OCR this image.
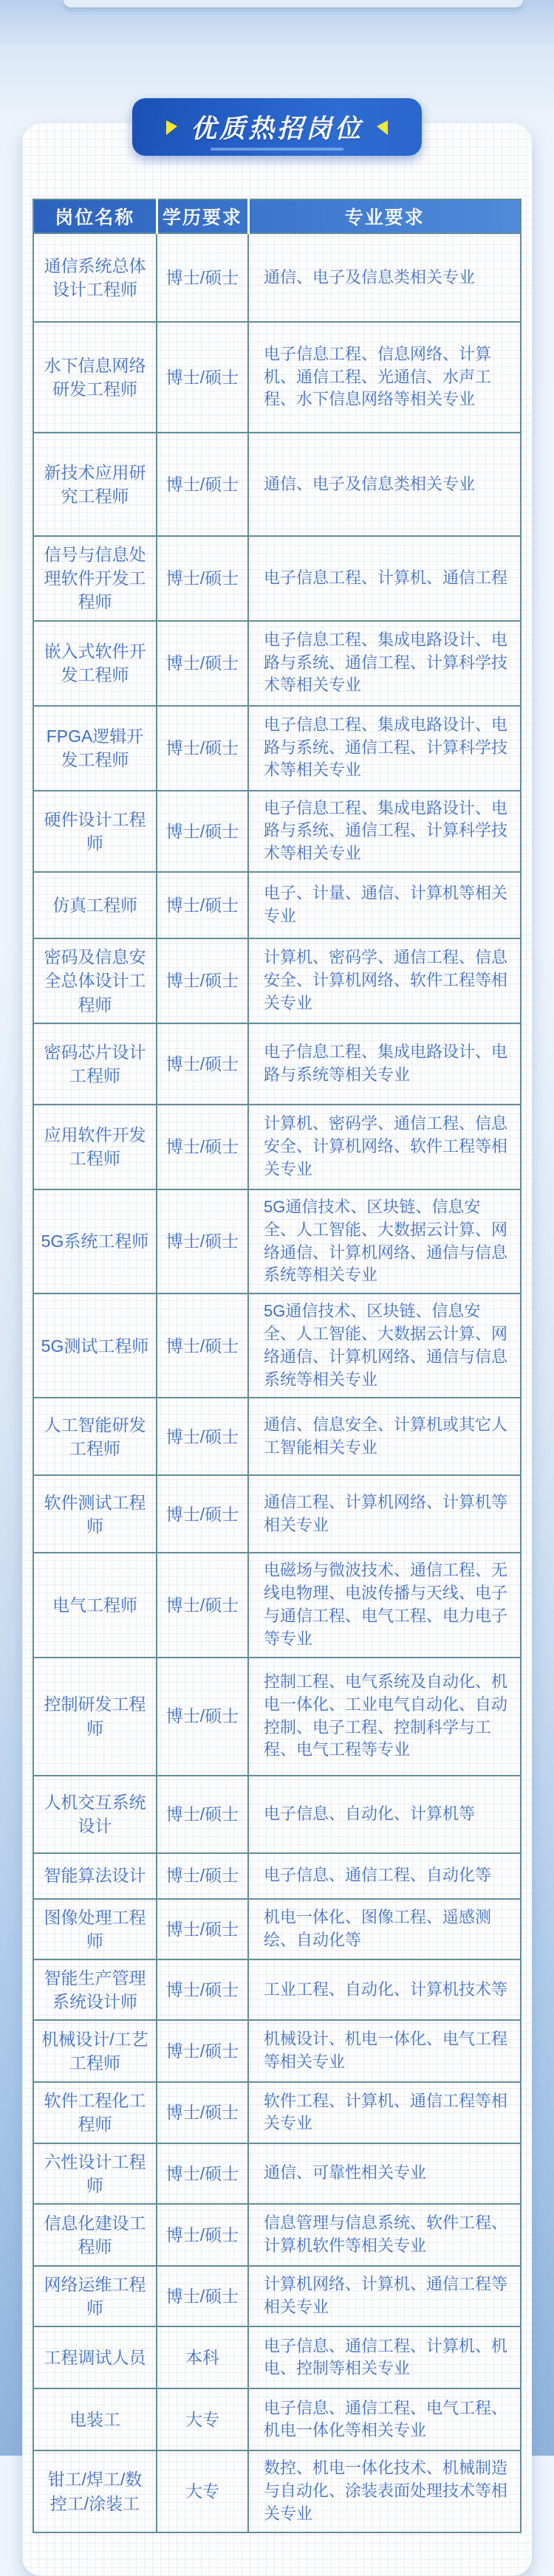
优质热招岗位
岗位名称	学历要求	专业要求
通信系统总体设计工程师	博士/硕士	通信、电子及信息类相关专业
水下信息网络研发工程师	博士/硕士	电子信息工程、信息网络、计算机、通信工程、光通信、水声工程、水下信息网络等相关专业
新技术应用研究工程师	博士/硕士	通信、电子及信息类相关专业
信号与信息处理软件开发工程师	博士/硕士	电子信息工程、计算机、通信工程
嵌入式软件开发工程师	博士/硕士	电子信息工程、集成电路设计、电路与系统、通信工程、计算科学技术等相关专业
FPGA逻辑开发工程师	博士/硕士	电子信息工程、集成电路设计、电路与系统、通信工程、计算科学技术等相关专业
硬件设计工程师	博士/硕士	电子信息工程、集成电路设计、电路与系统、通信工程、计算科学技术等相关专业
仿真工程师	博士/硕士	电子、计量、通信、计算机等相关专业
密码及信息安全总体设计工程师	博士/硕士	计算机、密码学、通信工程、信息安全、计算机网络、软件工程等相关专业
密码芯片设计工程师	博士/硕士	电子信息工程、集成电路设计、电路与系统等相关专业
应用软件开发工程师	博士/硕士	计算机、密码学、通信工程、信息安全、计算机网络、软件工程等相关专业
5G系统工程师	博士/硕士	5G通信技术、区块链、信息安全、人工智能、大数据云计算、网络通信、计算机网络、通信与信息系统等相关专业
5G测试工程师	博士/硕士	5G通信技术、区块链、信息安全、人工智能、大数据云计算、网络通信、计算机网络、通信与信息系统等相关专业
人工智能研发工程师	博士/硕士	通信、信息安全、计算机或其它人工智能相关专业
软件测试工程师	博士/硕士	通信工程、计算机网络、计算机等相关专业
电气工程师	博士/硕士	电磁场与微波技术、通信工程、无线电物理、电波传播与天线、电子与通信工程、电气工程、电力电子等专业
控制研发工程师	博士/硕士	控制工程、电气系统及自动化、机电一体化、工业电气自动化、自动控制、电子工程、控制科学与工程、电气工程等专业
人机交互系统设计	博士/硕士	电子信息、自动化、计算机等
智能算法设计	博士/硕士	电子信息、通信工程、自动化等
图像处理工程师	博士/硕士	机电一体化、图像工程、遥感测绘、自动化等
智能生产管理系统设计师	博士/硕士	工业工程、自动化、计算机技术等
机械设计/工艺工程师	博士/硕士	机械设计、机电一体化、电气工程等相关专业
软件工程化工程师	博士/硕士	软件工程、计算机、通信工程等相关专业
六性设计工程师	博士/硕士	通信、可靠性相关专业
信息化建设工程师	博士/硕士	信息管理与信息系统、软件工程、计算机软件等相关专业
网络运维工程师	博士/硕士	计算机网络、计算机、通信工程等相关专业
工程调试人员	本科	电子信息、通信工程、计算机、机电、控制等相关专业
电装工	大专	电子信息、通信工程、电气工程、机电一体化等相关专业
钳工/焊工/数控工/涂装工	大专	数控、机电一体化技术、机械制造与自动化、涂装表面处理技术等相关专业
